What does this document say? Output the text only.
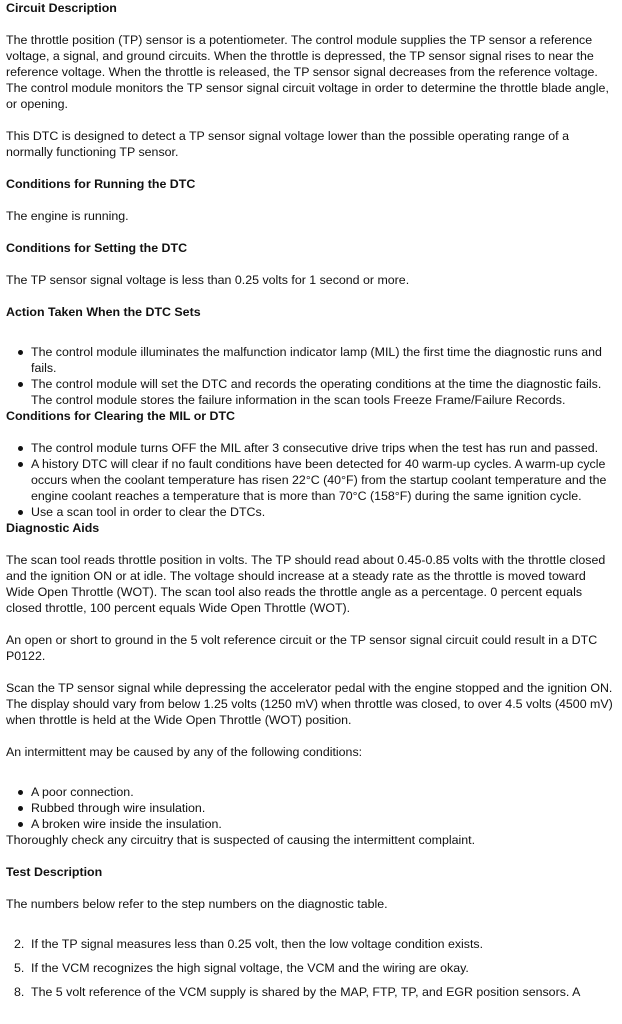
Circuit Description

The throttle position (TP) sensor is a potentiometer. The control module supplies the TP sensor a reference voltage, a signal, and ground circuits. When the throttle is depressed, the TP sensor signal rises to near the reference voltage. When the throttle is released, the TP sensor signal decreases from the reference voltage. The control module monitors the TP sensor signal circuit voltage in order to determine the throttle blade angle, or opening.

This DTC is designed to detect a TP sensor signal voltage lower than the possible operating range of a normally functioning TP sensor.

Conditions for Running the DTC

The engine is running.

Conditions for Setting the DTC

The TP sensor signal voltage is less than 0.25 volts for 1 second or more.

Action Taken When the DTC Sets
The control module illuminates the malfunction indicator lamp (MIL) the first time the diagnostic runs and fails.
The control module will set the DTC and records the operating conditions at the time the diagnostic fails. The control module stores the failure information in the scan tools Freeze Frame/Failure Records.
Conditions for Clearing the MIL or DTC
The control module turns OFF the MIL after 3 consecutive drive trips when the test has run and passed.
A history DTC will clear if no fault conditions have been detected for 40 warm-up cycles. A warm-up cycle occurs when the coolant temperature has risen 22°C (40°F) from the startup coolant temperature and the engine coolant reaches a temperature that is more than 70°C (158°F) during the same ignition cycle.
Use a scan tool in order to clear the DTCs.
Diagnostic Aids

The scan tool reads throttle position in volts. The TP should read about 0.45-0.85 volts with the throttle closed and the ignition ON or at idle. The voltage should increase at a steady rate as the throttle is moved toward Wide Open Throttle (WOT). The scan tool also reads the throttle angle as a percentage. 0 percent equals closed throttle, 100 percent equals Wide Open Throttle (WOT).

An open or short to ground in the 5 volt reference circuit or the TP sensor signal circuit could result in a DTC P0122.

Scan the TP sensor signal while depressing the accelerator pedal with the engine stopped and the ignition ON. The display should vary from below 1.25 volts (1250 mV) when throttle was closed, to over 4.5 volts (4500 mV) when throttle is held at the Wide Open Throttle (WOT) position.

An intermittent may be caused by any of the following conditions:

A poor connection.
Rubbed through wire insulation.
A broken wire inside the insulation.

Thoroughly check any circuitry that is suspected of causing the intermittent complaint.

Test Description

The numbers below refer to the step numbers on the diagnostic table.

2. If the TP signal measures less than 0.25 volt, then the low voltage condition exists.
5. If the VCM recognizes the high signal voltage, the VCM and the wiring are okay.
8. The 5 volt reference of the VCM supply is shared by the MAP, FTP, TP, and EGR position sensors. A
